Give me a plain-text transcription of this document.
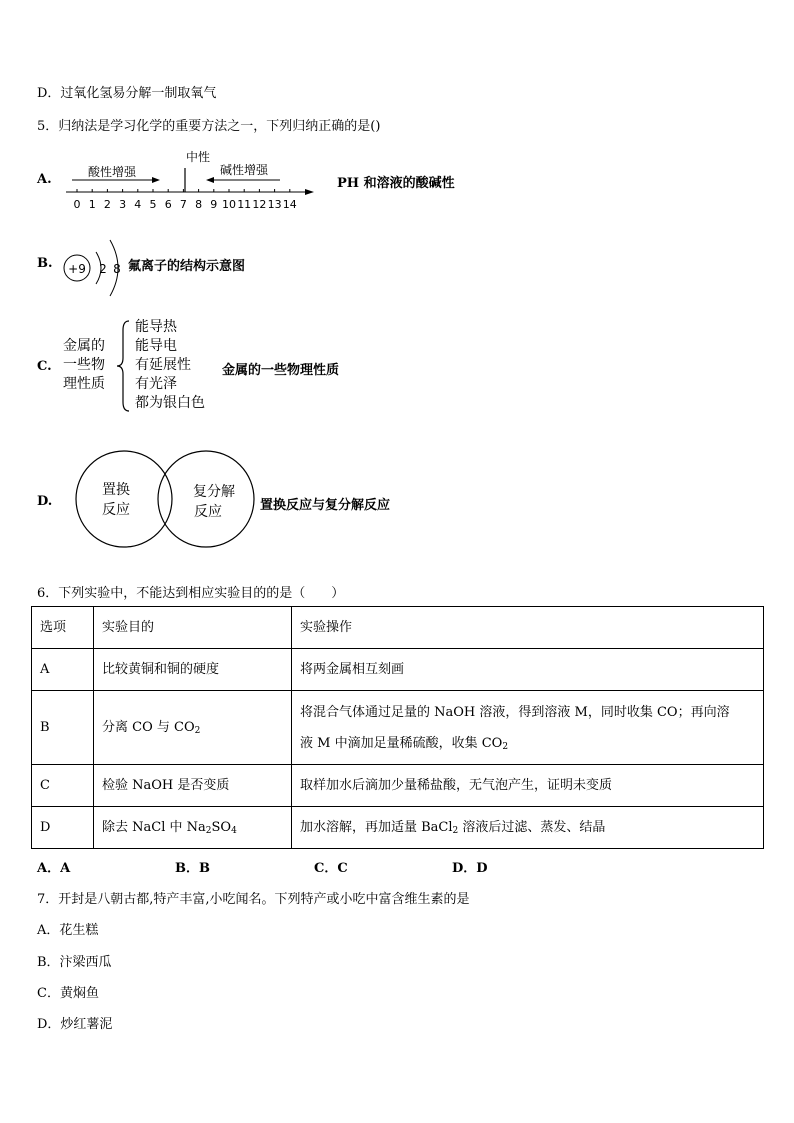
D．过氧化氢易分解一制取氧气
5．归纳法是学习化学的重要方法之一，下列归纳正确的是()
A.
中性
酸性增强	碱性增强
0 1 2 3 4 5 6 7 8 9 10 11 12 13 14
PH 和溶液的酸碱性
B. +9 2 8 氟离子的结构示意图
C.
金属的
一些物
理性质
能导热
能导电
有延展性
有光泽
都为银白色
金属的一些物理性质
D.
置换
反应
复分解
反应	置换反应与复分解反应
6．下列实验中，不能达到相应实验目的的是（　　）
选项	实验目的	实验操作
A	比较黄铜和铜的硬度	将两金属相互刻画
B	分离 CO 与 $CO_2$	将混合气体通过足量的 NaOH 溶液，得到溶液 M，同时收集 CO；再向溶
液 M 中滴加足量稀硫酸，收集 $CO_2$

C	检验 NaOH 是否变质	取样加水后滴加少量稀盐酸，无气泡产生，证明未变质
D	除去 NaCl 中 $Na_2SO_4$	加水溶解，再加适量 BaCl$_2$ 溶液后过滤、蒸发、结晶
A．A	B．B	C．C	D．D
7．开封是八朝古都,特产丰富,小吃闻名。下列特产或小吃中富含维生素的是
A．花生糕
B．汴梁西瓜
C．黄焖鱼
D．炒红薯泥
